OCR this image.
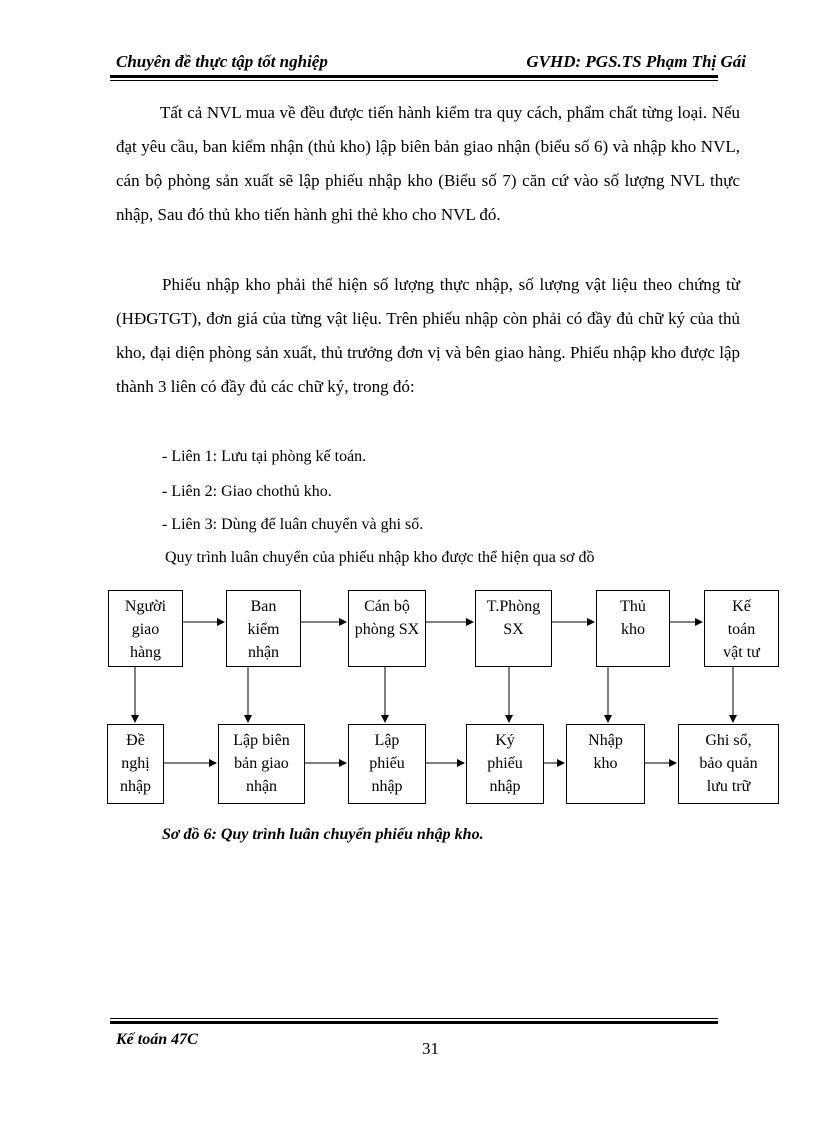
Chuyên đề thực tập tốt nghiệp	GVHD: PGS.TS Phạm Thị Gái

Tất cả NVL mua về đều được tiến hành kiểm tra quy cách, phẩm chất từng loại. Nếu đạt yêu cầu, ban kiểm nhận (thủ kho) lập biên bản giao nhận (biểu số 6) và nhập kho NVL, cán bộ phòng sản xuất sẽ lập phiếu nhập kho (Biểu số 7) căn cứ vào số lượng NVL thực nhập, Sau đó thủ kho tiến hành ghi thẻ kho cho NVL đó.

Phiếu nhập kho phải thể hiện số lượng thực nhập, số lượng vật liệu theo chứng từ (HĐGTGT), đơn giá của từng vật liệu. Trên phiếu nhập còn phải có đầy đủ chữ ký của thủ kho, đại diện phòng sản xuất, thủ trưởng đơn vị và bên giao hàng. Phiếu nhập kho được lập thành 3 liên có đầy đủ các chữ ký, trong đó:

- Liên 1: Lưu tại phòng kế toán.

- Liên 2: Giao chothủ kho.

- Liên 3: Dùng để luân chuyển và ghi sổ.

Quy trình luân chuyển của phiếu nhập kho được thể hiện qua sơ đồ

Người
giao
hàng
Ban
kiểm
nhận
Cán bộ
phòng SX
T.Phòng
SX
Thủ
kho
Kế
toán
vật tư
Đề
nghị
nhập
Lập biên
bản giao
nhận
Lập
phiếu
nhập
Ký
phiếu
nhập
Nhập
kho
Ghi sổ,
bảo quản
lưu trữ

Sơ đồ 6: Quy trình luân chuyển phiếu nhập kho.

Kế toán 47C	31
